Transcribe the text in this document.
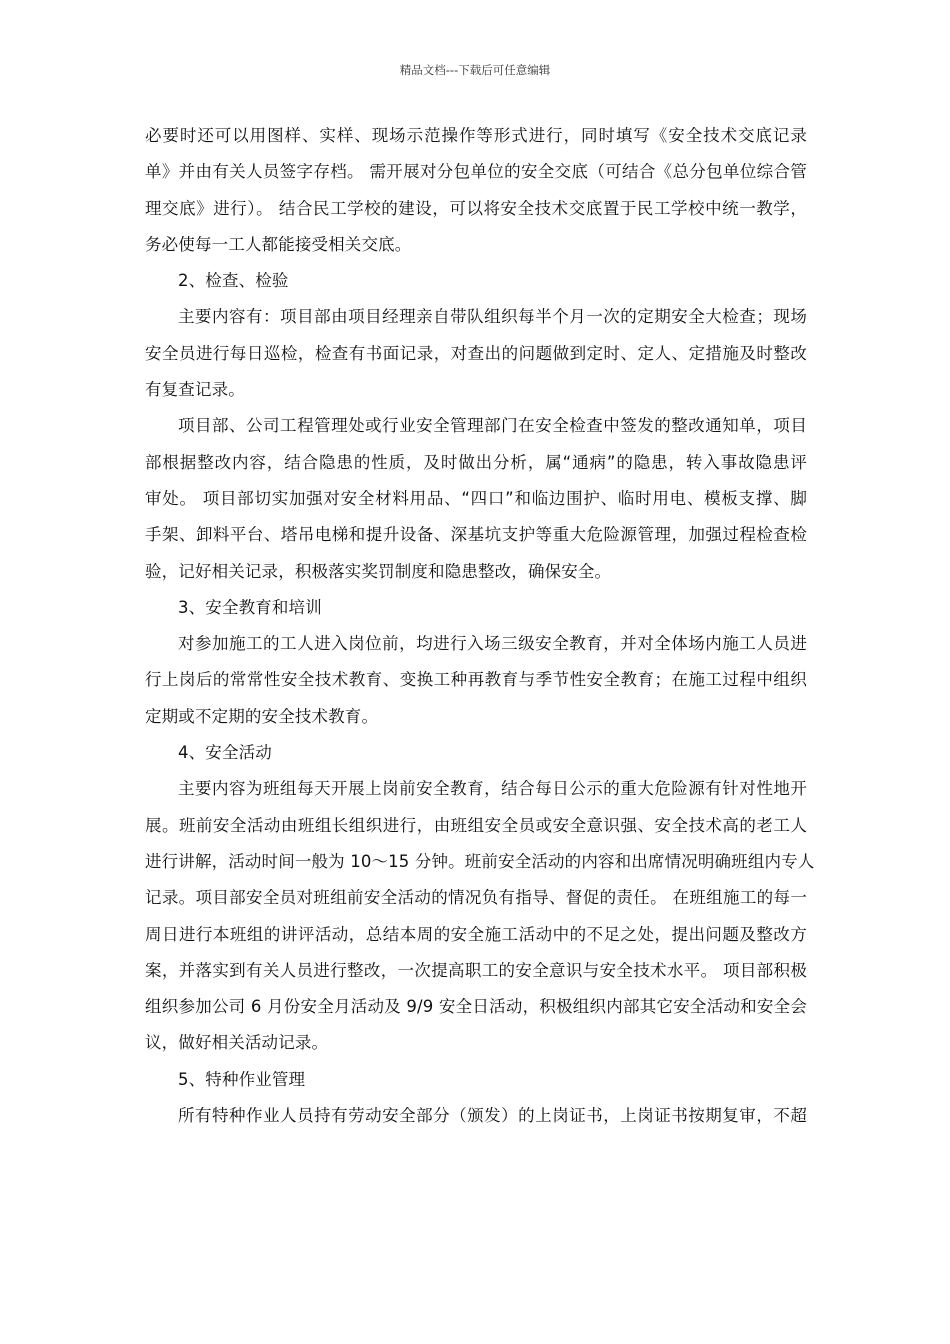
精品文档---下载后可任意编辑
必要时还可以用图样、实样、现场示范操作等形式进行，同时填写《安全技术交底记录
单》并由有关人员签字存档。 需开展对分包单位的安全交底（可结合《总分包单位综合管
理交底》进行）。 结合民工学校的建设，可以将安全技术交底置于民工学校中统一教学，
务必使每一工人都能接受相关交底。
2、检查、检验
主要内容有：项目部由项目经理亲自带队组织每半个月一次的定期安全大检查；现场
安全员进行每日巡检，检查有书面记录，对查出的问题做到定时、定人、定措施及时整改
有复查记录。
项目部、公司工程管理处或行业安全管理部门在安全检查中签发的整改通知单，项目
部根据整改内容，结合隐患的性质，及时做出分析，属“通病”的隐患，转入事故隐患评
审处。 项目部切实加强对安全材料用品、“四口”和临边围护、临时用电、模板支撑、脚
手架、卸料平台、塔吊电梯和提升设备、深基坑支护等重大危险源管理，加强过程检查检
验，记好相关记录，积极落实奖罚制度和隐患整改，确保安全。
3、安全教育和培训
对参加施工的工人进入岗位前，均进行入场三级安全教育，并对全体场内施工人员进
行上岗后的常常性安全技术教育、变换工种再教育与季节性安全教育；在施工过程中组织
定期或不定期的安全技术教育。
4、安全活动
主要内容为班组每天开展上岗前安全教育，结合每日公示的重大危险源有针对性地开
展。班前安全活动由班组长组织进行，由班组安全员或安全意识强、安全技术高的老工人
进行讲解，活动时间一般为 10～15 分钟。班前安全活动的内容和出席情况明确班组内专人
记录。项目部安全员对班组前安全活动的情况负有指导、督促的责任。 在班组施工的每一
周日进行本班组的讲评活动，总结本周的安全施工活动中的不足之处，提出问题及整改方
案，并落实到有关人员进行整改，一次提高职工的安全意识与安全技术水平。 项目部积极
组织参加公司 6 月份安全月活动及 9/9 安全日活动，积极组织内部其它安全活动和安全会
议，做好相关活动记录。
5、特种作业管理
所有特种作业人员持有劳动安全部分（颁发）的上岗证书，上岗证书按期复审，不超
